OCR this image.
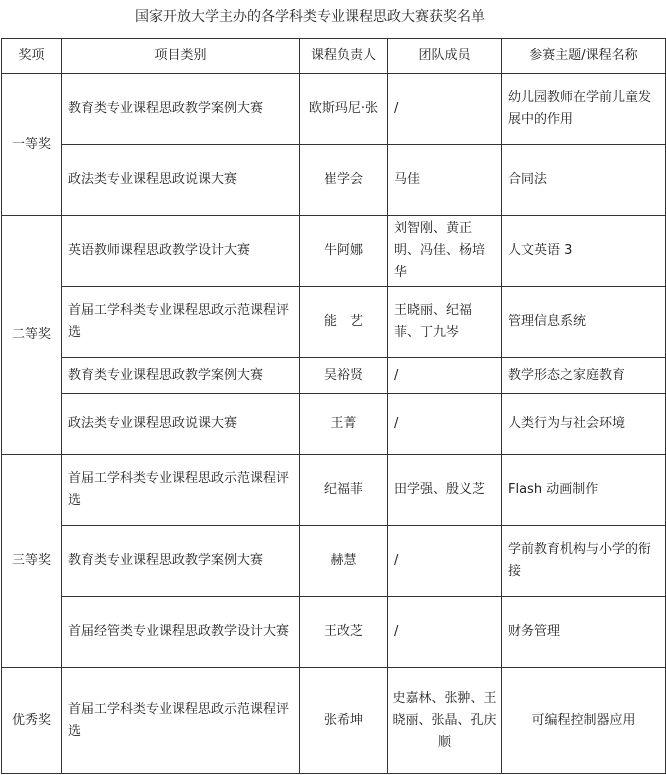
国家开放大学主办的各学科类专业课程思政大赛获奖名单
奖项	项目类别	课程负责人	团队成员	参赛主题/课程名称
一等奖	教育类专业课程思政教学案例大赛	欧斯玛尼·张	/	幼儿园教师在学前儿童发展中的作用
	政法类专业课程思政说课大赛	崔学会	马佳	合同法
二等奖	英语教师课程思政教学设计大赛	牛阿娜	刘智刚、黄正明、冯佳、杨培华	人文英语 3
	首届工学科类专业课程思政示范课程评选	能　艺	王晓丽、纪福菲、丁九岑	管理信息系统
	教育类专业课程思政教学案例大赛	吴裕贤	/	教学形态之家庭教育
	政法类专业课程思政说课大赛	王菁	/	人类行为与社会环境
三等奖	首届工学科类专业课程思政示范课程评选	纪福菲	田学强、殷义芝	Flash 动画制作
	教育类专业课程思政教学案例大赛	赫慧	/	学前教育机构与小学的衔接
	首届经管类专业课程思政教学设计大赛	王改芝	/	财务管理
优秀奖	首届工学科类专业课程思政示范课程评选	张希坤	史嘉林、张翀、王晓丽、张晶、孔庆顺	可编程控制器应用
